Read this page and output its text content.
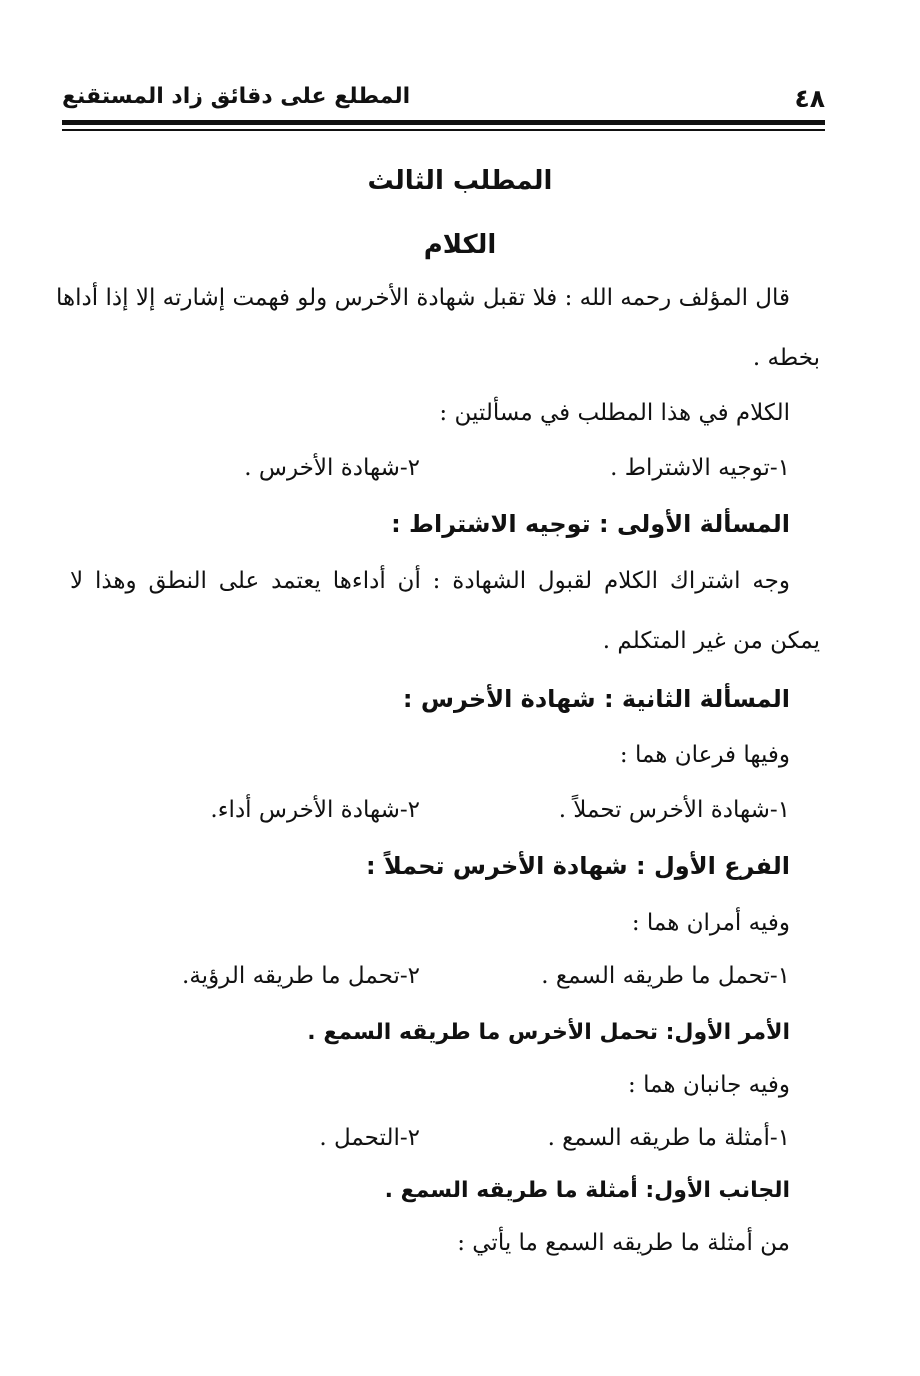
٤٨
المطلع على دقائق زاد المستقنع
المطلب الثالث
الكلام
قال المؤلف رحمه الله : فلا تقبل شهادة الأخرس ولو فهمت إشارته إلا إذا أداها
بخطه .
الكلام في هذا المطلب في مسألتين :
١-توجيه الاشتراط .
٢-شهادة الأخرس .
المسألة الأولى : توجيه الاشتراط :
وجه اشتراك الكلام لقبول الشهادة : أن أداءها يعتمد على النطق وهذا لا
يمكن من غير المتكلم .
المسألة الثانية : شهادة الأخرس :
وفيها فرعان هما :
١-شهادة الأخرس تحملاً .
٢-شهادة الأخرس أداء.
الفرع الأول : شهادة الأخرس تحملاً :
وفيه أمران هما :
١-تحمل ما طريقه السمع .
٢-تحمل ما طريقه الرؤية.
الأمر الأول: تحمل الأخرس ما طريقه السمع .
وفيه جانبان هما :
١-أمثلة ما طريقه السمع .
٢-التحمل .
الجانب الأول: أمثلة ما طريقه السمع .
من أمثلة ما طريقه السمع ما يأتي :
